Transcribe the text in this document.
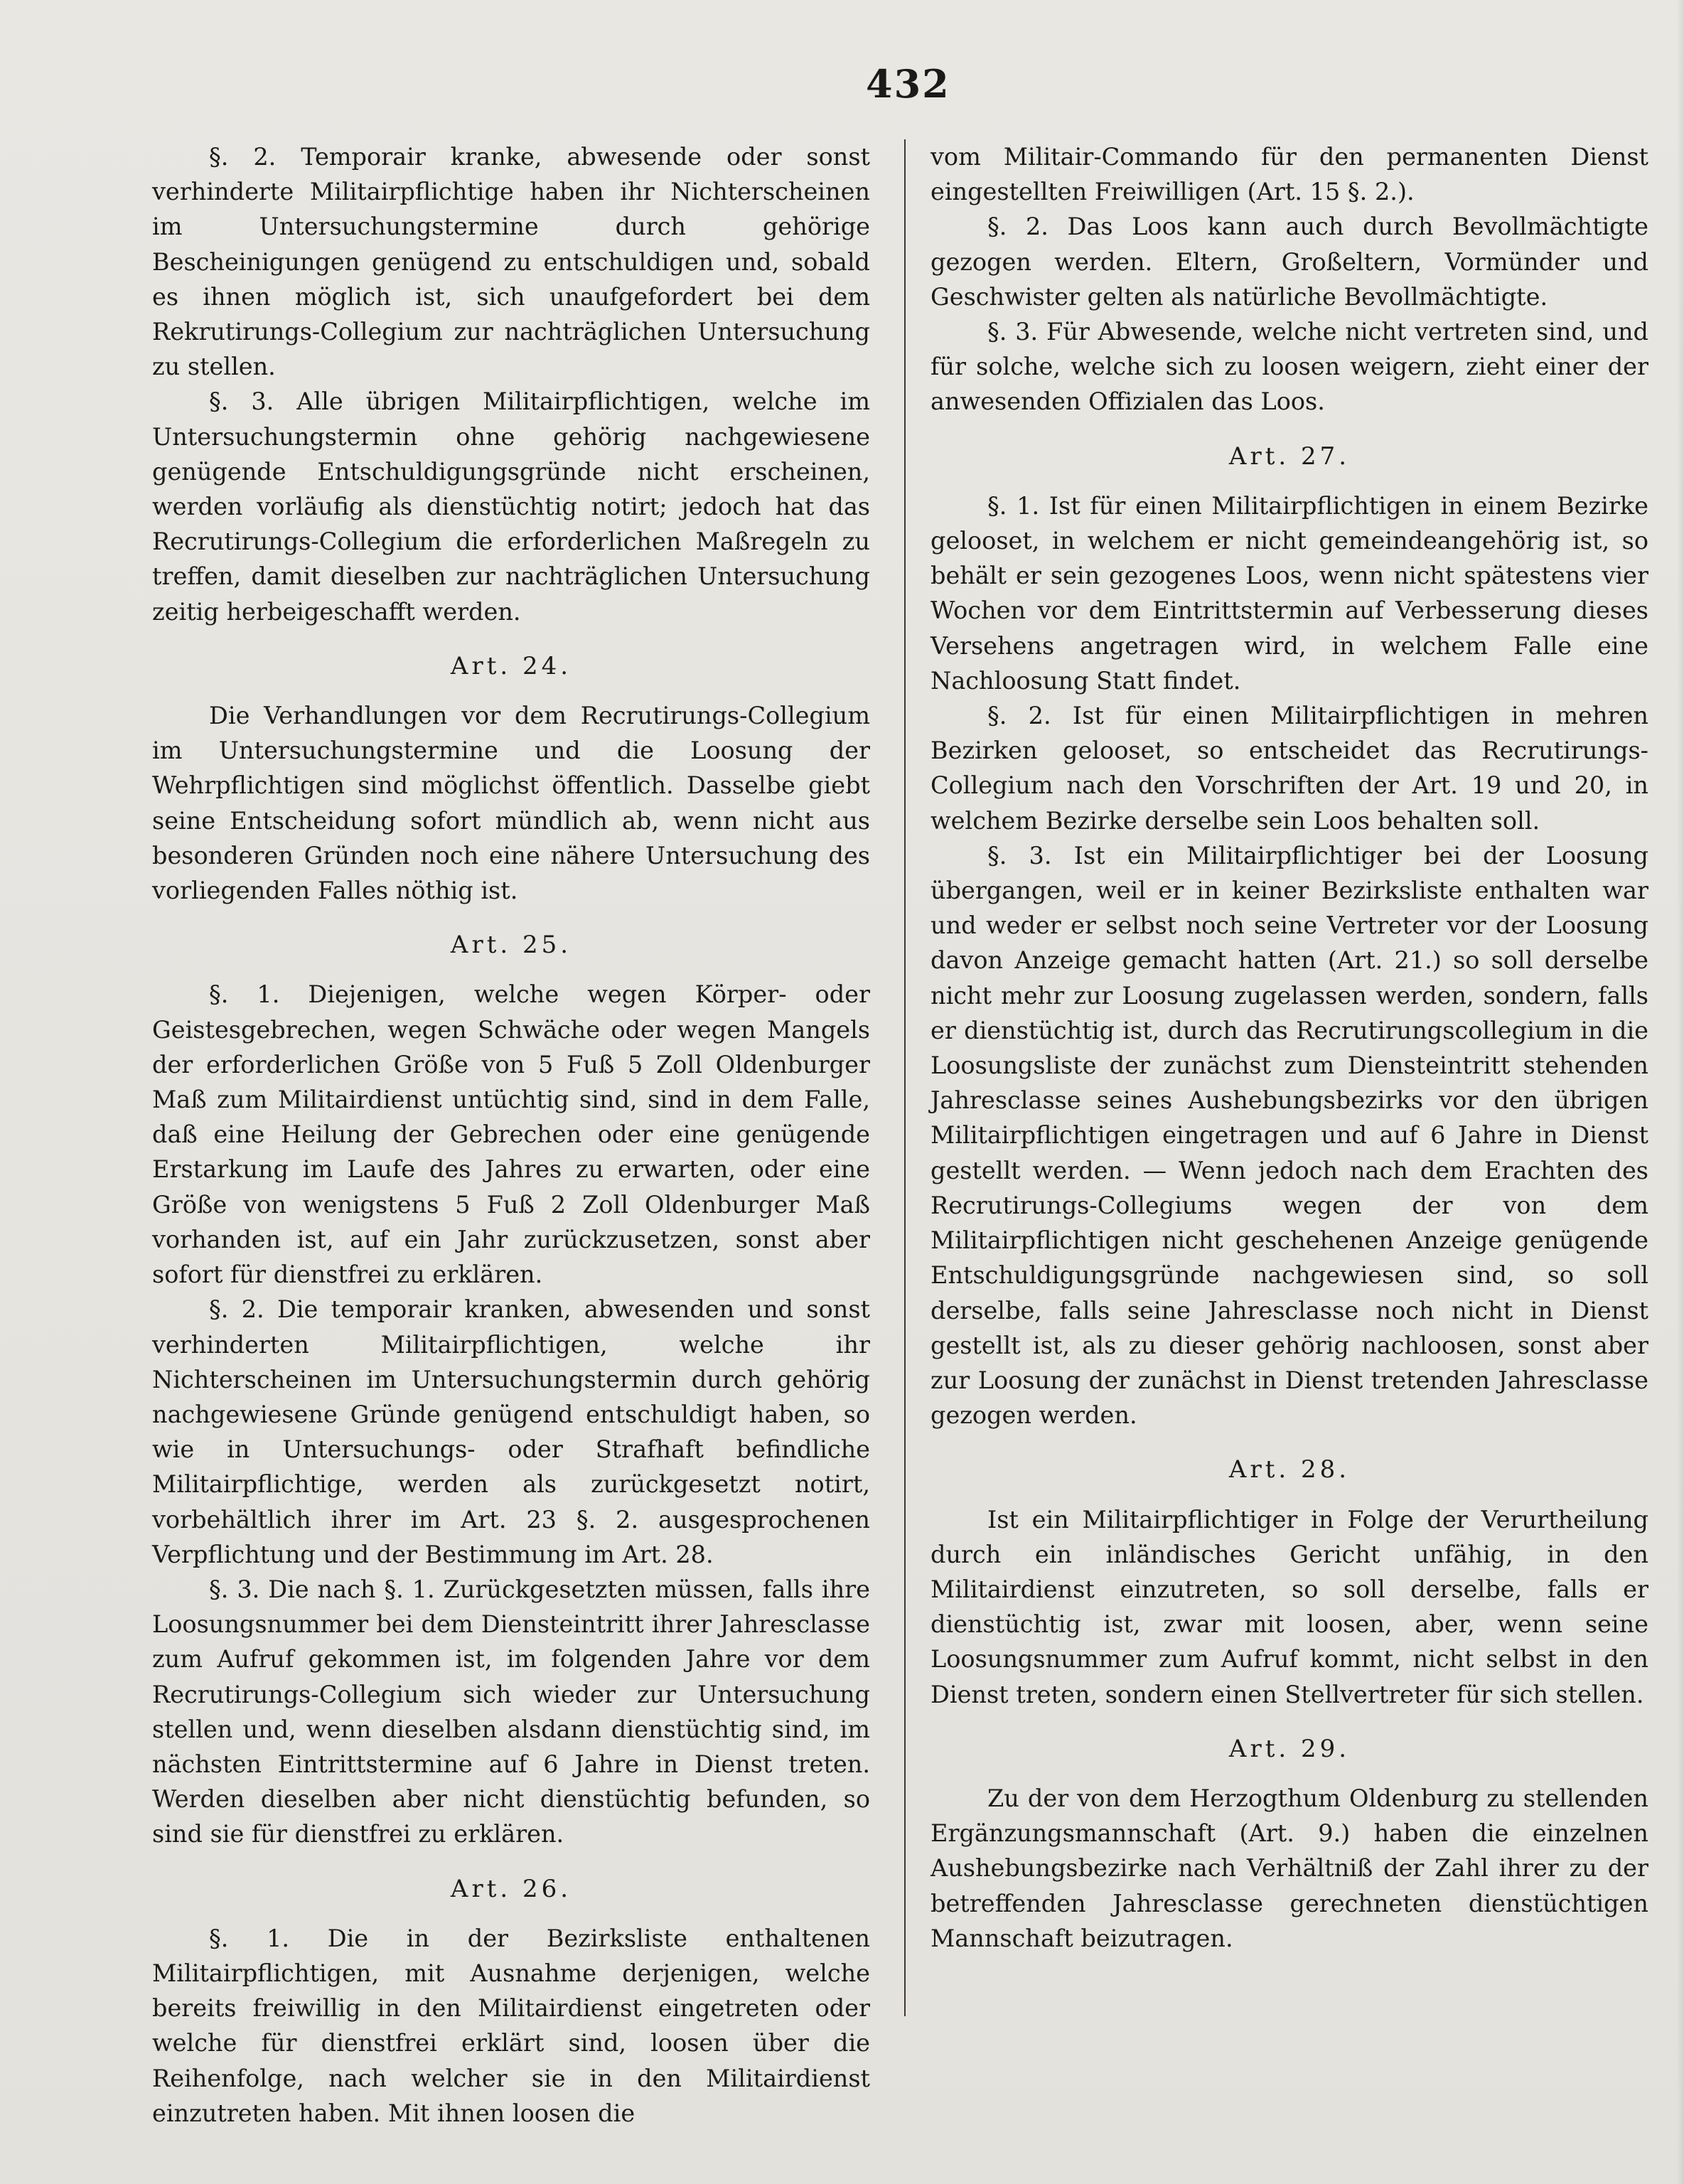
432

§. 2. Temporair kranke, abwesende oder sonst verhinderte Militairpflichtige haben ihr Nichterscheinen im Untersuchungstermine durch gehörige Bescheinigungen genügend zu entschuldigen und, sobald es ihnen möglich ist, sich unaufgefordert bei dem Rekrutirungs-Collegium zur nachträglichen Untersuchung zu stellen.

§. 3. Alle übrigen Militairpflichtigen, welche im Untersuchungstermin ohne gehörig nachgewiesene genügende Entschuldigungsgründe nicht erscheinen, werden vorläufig als dienstüchtig notirt; jedoch hat das Recrutirungs-Collegium die erforderlichen Maßregeln zu treffen, damit dieselben zur nachträglichen Untersuchung zeitig herbeigeschafft werden.

Art. 24.

Die Verhandlungen vor dem Recrutirungs-Collegium im Untersuchungstermine und die Loosung der Wehrpflichtigen sind möglichst öffentlich. Dasselbe giebt seine Entscheidung sofort mündlich ab, wenn nicht aus besonderen Gründen noch eine nähere Untersuchung des vorliegenden Falles nöthig ist.

Art. 25.

§. 1. Diejenigen, welche wegen Körper- oder Geistesgebrechen, wegen Schwäche oder wegen Mangels der erforderlichen Größe von 5 Fuß 5 Zoll Oldenburger Maß zum Militairdienst untüchtig sind, sind in dem Falle, daß eine Heilung der Gebrechen oder eine genügende Erstarkung im Laufe des Jahres zu erwarten, oder eine Größe von wenigstens 5 Fuß 2 Zoll Oldenburger Maß vorhanden ist, auf ein Jahr zurückzusetzen, sonst aber sofort für dienstfrei zu erklären.

§. 2. Die temporair kranken, abwesenden und sonst verhinderten Militairpflichtigen, welche ihr Nichterscheinen im Untersuchungstermin durch gehörig nachgewiesene Gründe genügend entschuldigt haben, so wie in Untersuchungs- oder Strafhaft befindliche Militairpflichtige, werden als zurückgesetzt notirt, vorbehältlich ihrer im Art. 23 §. 2. ausgesprochenen Verpflichtung und der Bestimmung im Art. 28.

§. 3. Die nach §. 1. Zurückgesetzten müssen, falls ihre Loosungsnummer bei dem Diensteintritt ihrer Jahresclasse zum Aufruf gekommen ist, im folgenden Jahre vor dem Recrutirungs-Collegium sich wieder zur Untersuchung stellen und, wenn dieselben alsdann dienstüchtig sind, im nächsten Eintrittstermine auf 6 Jahre in Dienst treten. Werden dieselben aber nicht dienstüchtig befunden, so sind sie für dienstfrei zu erklären.

Art. 26.

§. 1. Die in der Bezirksliste enthaltenen Militairpflichtigen, mit Ausnahme derjenigen, welche bereits freiwillig in den Militairdienst eingetreten oder welche für dienstfrei erklärt sind, loosen über die Reihenfolge, nach welcher sie in den Militairdienst einzutreten haben. Mit ihnen loosen die

vom Militair-Commando für den permanenten Dienst eingestellten Freiwilligen (Art. 15 §. 2.).

§. 2. Das Loos kann auch durch Bevollmächtigte gezogen werden. Eltern, Großeltern, Vormünder und Geschwister gelten als natürliche Bevollmächtigte.

§. 3. Für Abwesende, welche nicht vertreten sind, und für solche, welche sich zu loosen weigern, zieht einer der anwesenden Offizialen das Loos.

Art. 27.

§. 1. Ist für einen Militairpflichtigen in einem Bezirke gelooset, in welchem er nicht gemeindeangehörig ist, so behält er sein gezogenes Loos, wenn nicht spätestens vier Wochen vor dem Eintrittstermin auf Verbesserung dieses Versehens angetragen wird, in welchem Falle eine Nachloosung Statt findet.

§. 2. Ist für einen Militairpflichtigen in mehren Bezirken gelooset, so entscheidet das Recrutirungs-Collegium nach den Vorschriften der Art. 19 und 20, in welchem Bezirke derselbe sein Loos behalten soll.

§. 3. Ist ein Militairpflichtiger bei der Loosung übergangen, weil er in keiner Bezirksliste enthalten war und weder er selbst noch seine Vertreter vor der Loosung davon Anzeige gemacht hatten (Art. 21.) so soll derselbe nicht mehr zur Loosung zugelassen werden, sondern, falls er dienstüchtig ist, durch das Recrutirungscollegium in die Loosungsliste der zunächst zum Diensteintritt stehenden Jahresclasse seines Aushebungsbezirks vor den übrigen Militairpflichtigen eingetragen und auf 6 Jahre in Dienst gestellt werden. — Wenn jedoch nach dem Erachten des Recrutirungs-Collegiums wegen der von dem Militairpflichtigen nicht geschehenen Anzeige genügende Entschuldigungsgründe nachgewiesen sind, so soll derselbe, falls seine Jahresclasse noch nicht in Dienst gestellt ist, als zu dieser gehörig nachloosen, sonst aber zur Loosung der zunächst in Dienst tretenden Jahresclasse gezogen werden.

Art. 28.

Ist ein Militairpflichtiger in Folge der Verurtheilung durch ein inländisches Gericht unfähig, in den Militairdienst einzutreten, so soll derselbe, falls er dienstüchtig ist, zwar mit loosen, aber, wenn seine Loosungsnummer zum Aufruf kommt, nicht selbst in den Dienst treten, sondern einen Stellvertreter für sich stellen.

Art. 29.

Zu der von dem Herzogthum Oldenburg zu stellenden Ergänzungsmannschaft (Art. 9.) haben die einzelnen Aushebungsbezirke nach Verhältniß der Zahl ihrer zu der betreffenden Jahresclasse gerechneten dienstüchtigen Mannschaft beizutragen.
